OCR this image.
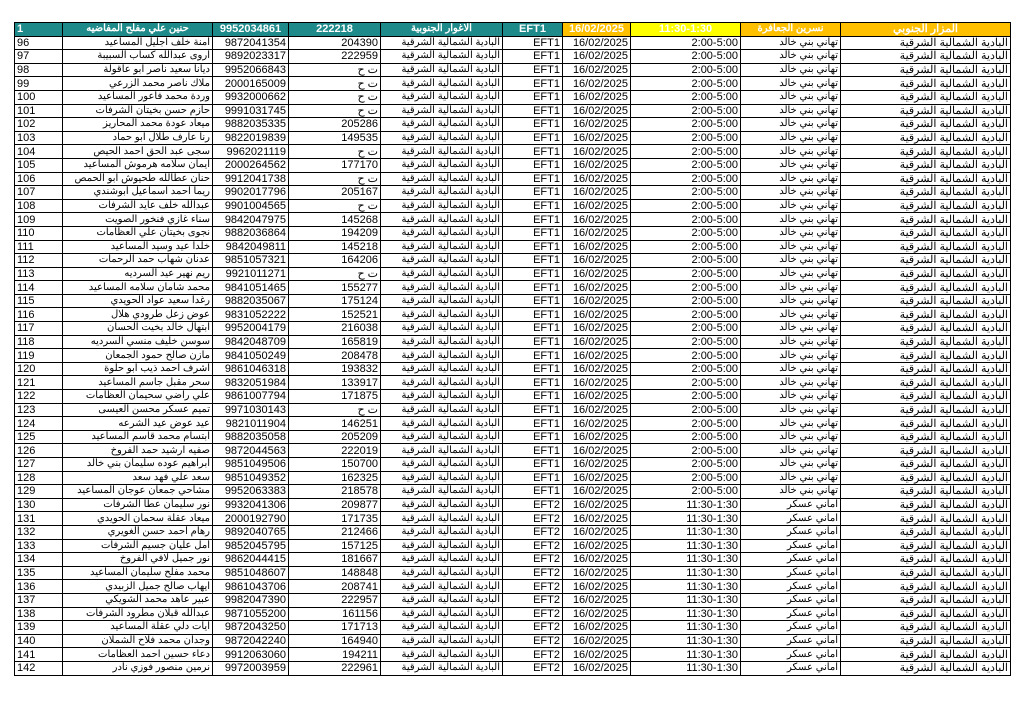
1	حنين علي مفلح المفاضيه	9952034861	222218	الاغوار الجنوبية	EFT1	16/02/2025	11:30-1:30	نسرين الجعافرة	المزار الجنوبي
96	امنة خلف اجليل المساعيد	9872041354	204390	البادية الشمالية الشرقية	EFT1	16/02/2025	2:00-5:00	تهاني بني خالد	البادية الشمالية الشرقية
97	اروى عبدالله كساب السبيبة	9892023317	222959	البادية الشمالية الشرقية	EFT1	16/02/2025	2:00-5:00	تهاني بني خالد	البادية الشمالية الشرقية
98	ديانا سعيد ناصر ابو عاقولة	9952066843	ت ح	البادية الشمالية الشرقية	EFT1	16/02/2025	2:00-5:00	تهاني بني خالد	البادية الشمالية الشرقية
99	ملاك ناصر محمد الزرعي	2000165009	ت ح	البادية الشمالية الشرقية	EFT1	16/02/2025	2:00-5:00	تهاني بني خالد	البادية الشمالية الشرقية
100	وردة محمد فاعور المساعيد	9932000662	ت ح	البادية الشمالية الشرقية	EFT1	16/02/2025	2:00-5:00	تهاني بني خالد	البادية الشمالية الشرقية
101	حازم حسن بخيتان الشرفات	9991031745	ت ح	البادية الشمالية الشرقية	EFT1	16/02/2025	2:00-5:00	تهاني بني خالد	البادية الشمالية الشرقية
102	ميعاد عودة محمد المحاريز	9882035335	205286	البادية الشمالية الشرقية	EFT1	16/02/2025	2:00-5:00	تهاني بني خالد	البادية الشمالية الشرقية
103	رنا عارف طلال ابو حماد	9822019839	149535	البادية الشمالية الشرقية	EFT1	16/02/2025	2:00-5:00	تهاني بني خالد	البادية الشمالية الشرقية
104	سجى عبد الحق احمد الحيص	9962021119	ت ح	البادية الشمالية الشرقية	EFT1	16/02/2025	2:00-5:00	تهاني بني خالد	البادية الشمالية الشرقية
105	ايمان سلامه هرموش المساعيد	2000264562	177170	البادية الشمالية الشرقية	EFT1	16/02/2025	2:00-5:00	تهاني بني خالد	البادية الشمالية الشرقية
106	حنان عطالله طحيوش ابو الحمص	9912041738	ت ح	البادية الشمالية الشرقية	EFT1	16/02/2025	2:00-5:00	تهاني بني خالد	البادية الشمالية الشرقية
107	ريما احمد اسماعيل ابوشندي	9902017796	205167	البادية الشمالية الشرقية	EFT1	16/02/2025	2:00-5:00	تهاني بني خالد	البادية الشمالية الشرقية
108	عبدالله خلف عايد الشرفات	9901004565	ت ح	البادية الشمالية الشرقية	EFT1	16/02/2025	2:00-5:00	تهاني بني خالد	البادية الشمالية الشرقية
109	سناء غازي فنخور الصويت	9842047975	145268	البادية الشمالية الشرقية	EFT1	16/02/2025	2:00-5:00	تهاني بني خالد	البادية الشمالية الشرقية
110	نجوى بخيتان علي العظامات	9882036864	194209	البادية الشمالية الشرقية	EFT1	16/02/2025	2:00-5:00	تهاني بني خالد	البادية الشمالية الشرقية
111	خلدا عيد وسيد المساعيد	9842049811	145218	البادية الشمالية الشرقية	EFT1	16/02/2025	2:00-5:00	تهاني بني خالد	البادية الشمالية الشرقية
112	عدنان شهاب حمد الرحمات	9851057321	164206	البادية الشمالية الشرقية	EFT1	16/02/2025	2:00-5:00	تهاني بني خالد	البادية الشمالية الشرقية
113	ريم نهير عيد السرديه	9921011271	ت ح	البادية الشمالية الشرقية	EFT1	16/02/2025	2:00-5:00	تهاني بني خالد	البادية الشمالية الشرقية
114	محمد شامان سلامه المساعيد	9841051465	155277	البادية الشمالية الشرقية	EFT1	16/02/2025	2:00-5:00	تهاني بني خالد	البادية الشمالية الشرقية
115	رغدا سعيد عواد الحويدي	9882035067	175124	البادية الشمالية الشرقية	EFT1	16/02/2025	2:00-5:00	تهاني بني خالد	البادية الشمالية الشرقية
116	عوض زعل طرودي هلال	9831052222	152521	البادية الشمالية الشرقية	EFT1	16/02/2025	2:00-5:00	تهاني بني خالد	البادية الشمالية الشرقية
117	ابتهال خالد بخيت الحسان	9952004179	216038	البادية الشمالية الشرقية	EFT1	16/02/2025	2:00-5:00	تهاني بني خالد	البادية الشمالية الشرقية
118	سوسن خليف منسي السرديه	9842048709	165819	البادية الشمالية الشرقية	EFT1	16/02/2025	2:00-5:00	تهاني بني خالد	البادية الشمالية الشرقية
119	مازن صالح حمود الجمعان	9841050249	208478	البادية الشمالية الشرقية	EFT1	16/02/2025	2:00-5:00	تهاني بني خالد	البادية الشمالية الشرقية
120	اشرف احمد ذيب ابو حلوة	9861046318	193832	البادية الشمالية الشرقية	EFT1	16/02/2025	2:00-5:00	تهاني بني خالد	البادية الشمالية الشرقية
121	سحر مقبل جاسم المساعيد	9832051984	133917	البادية الشمالية الشرقية	EFT1	16/02/2025	2:00-5:00	تهاني بني خالد	البادية الشمالية الشرقية
122	علي راضي سحيمان العظامات	9861007794	171875	البادية الشمالية الشرقية	EFT1	16/02/2025	2:00-5:00	تهاني بني خالد	البادية الشمالية الشرقية
123	تميم عسكر محسن العيسى	9971030143	ت ح	البادية الشمالية الشرقية	EFT1	16/02/2025	2:00-5:00	تهاني بني خالد	البادية الشمالية الشرقية
124	عيد عوض عيد الشرعه	9821011904	146251	البادية الشمالية الشرقية	EFT1	16/02/2025	2:00-5:00	تهاني بني خالد	البادية الشمالية الشرقية
125	ابتسام محمد قاسم المساعيد	9882035058	205209	البادية الشمالية الشرقية	EFT1	16/02/2025	2:00-5:00	تهاني بني خالد	البادية الشمالية الشرقية
126	صفيه ارشيد حمد الفروخ	9872044563	222019	البادية الشمالية الشرقية	EFT1	16/02/2025	2:00-5:00	تهاني بني خالد	البادية الشمالية الشرقية
127	ابراهيم عوده سليمان بني خالد	9851049506	150700	البادية الشمالية الشرقية	EFT1	16/02/2025	2:00-5:00	تهاني بني خالد	البادية الشمالية الشرقية
128	سعد علي فهد سعد	9851049352	162325	البادية الشمالية الشرقية	EFT1	16/02/2025	2:00-5:00	تهاني بني خالد	البادية الشمالية الشرقية
129	مشاحي جمعان عوجان المساعيد	9952063383	218578	البادية الشمالية الشرقية	EFT1	16/02/2025	2:00-5:00	تهاني بني خالد	البادية الشمالية الشرقية
130	نور سليمان عطا الشرفات	9932041306	209877	البادية الشمالية الشرقية	EFT2	16/02/2025	11:30-1:30	اماني عسكر	البادية الشمالية الشرقية
131	ميعاد عقلة سحمان الحويدي	2000192790	171735	البادية الشمالية الشرقية	EFT2	16/02/2025	11:30-1:30	اماني عسكر	البادية الشمالية الشرقية
132	رهام احمد حسن الغويري	9892040765	212466	البادية الشمالية الشرقية	EFT2	16/02/2025	11:30-1:30	اماني عسكر	البادية الشمالية الشرقية
133	امل عليان جسيم الشرفات	9852045795	157125	البادية الشمالية الشرقية	EFT2	16/02/2025	11:30-1:30	اماني عسكر	البادية الشمالية الشرقية
134	نور جميل لافي الفروخ	9862044415	181667	البادية الشمالية الشرقية	EFT2	16/02/2025	11:30-1:30	اماني عسكر	البادية الشمالية الشرقية
135	محمد مفلح سليمان المساعيد	9851048607	148848	البادية الشمالية الشرقية	EFT2	16/02/2025	11:30-1:30	اماني عسكر	البادية الشمالية الشرقية
136	ايهاب صالح جميل الزبيدي	9861043706	208741	البادية الشمالية الشرقية	EFT2	16/02/2025	11:30-1:30	اماني عسكر	البادية الشمالية الشرقية
137	عبير عاهد محمد الشويكي	9982047390	222957	البادية الشمالية الشرقية	EFT2	16/02/2025	11:30-1:30	اماني عسكر	البادية الشمالية الشرقية
138	عبدالله قبلان مطرود الشرفات	9871055200	161156	البادية الشمالية الشرقية	EFT2	16/02/2025	11:30-1:30	اماني عسكر	البادية الشمالية الشرقية
139	ايات دلي عقلة المساعيد	9872043250	171713	البادية الشمالية الشرقية	EFT2	16/02/2025	11:30-1:30	اماني عسكر	البادية الشمالية الشرقية
140	وجدان محمد فلاح الشملان	9872042240	164940	البادية الشمالية الشرقية	EFT2	16/02/2025	11:30-1:30	اماني عسكر	البادية الشمالية الشرقية
141	دعاء حسين احمد العظامات	9912063060	194211	البادية الشمالية الشرقية	EFT2	16/02/2025	11:30-1:30	اماني عسكر	البادية الشمالية الشرقية
142	نرمين منصور فوزي نادر	9972003959	222961	البادية الشمالية الشرقية	EFT2	16/02/2025	11:30-1:30	اماني عسكر	البادية الشمالية الشرقية
